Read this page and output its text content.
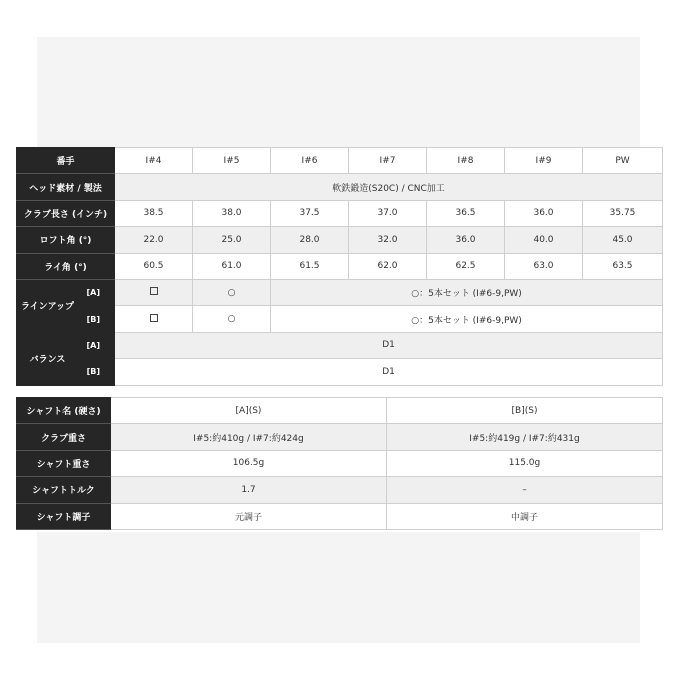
番手		I#4	I#5	I#6	I#7	I#8	I#9	PW
ヘッド素材 / 製法		軟鉄鍛造(S20C) / CNC加工						
クラブ長さ (インチ)		38.5	38.0	37.5	37.0	36.5	36.0	35.75
ロフト角 (°)		22.0	25.0	28.0	32.0	36.0	40.0	45.0
ライ角 (°)		60.5	61.0	61.5	62.0	62.5	63.0	63.5
ラインアップ	[A]		○	○：5本セット (I#6-9,PW)				
	[B]		○	○：5本セット (I#6-9,PW)				
バランス	[A]	D1						
	[B]	D1						
シャフト名 (硬さ)	[A](S)	[B](S)
クラブ重さ	I#5:約410g / I#7:約424g	I#5:約419g / I#7:約431g
シャフト重さ	106.5g	115.0g
シャフトトルク	1.7	–
シャフト調子	元調子	中調子
